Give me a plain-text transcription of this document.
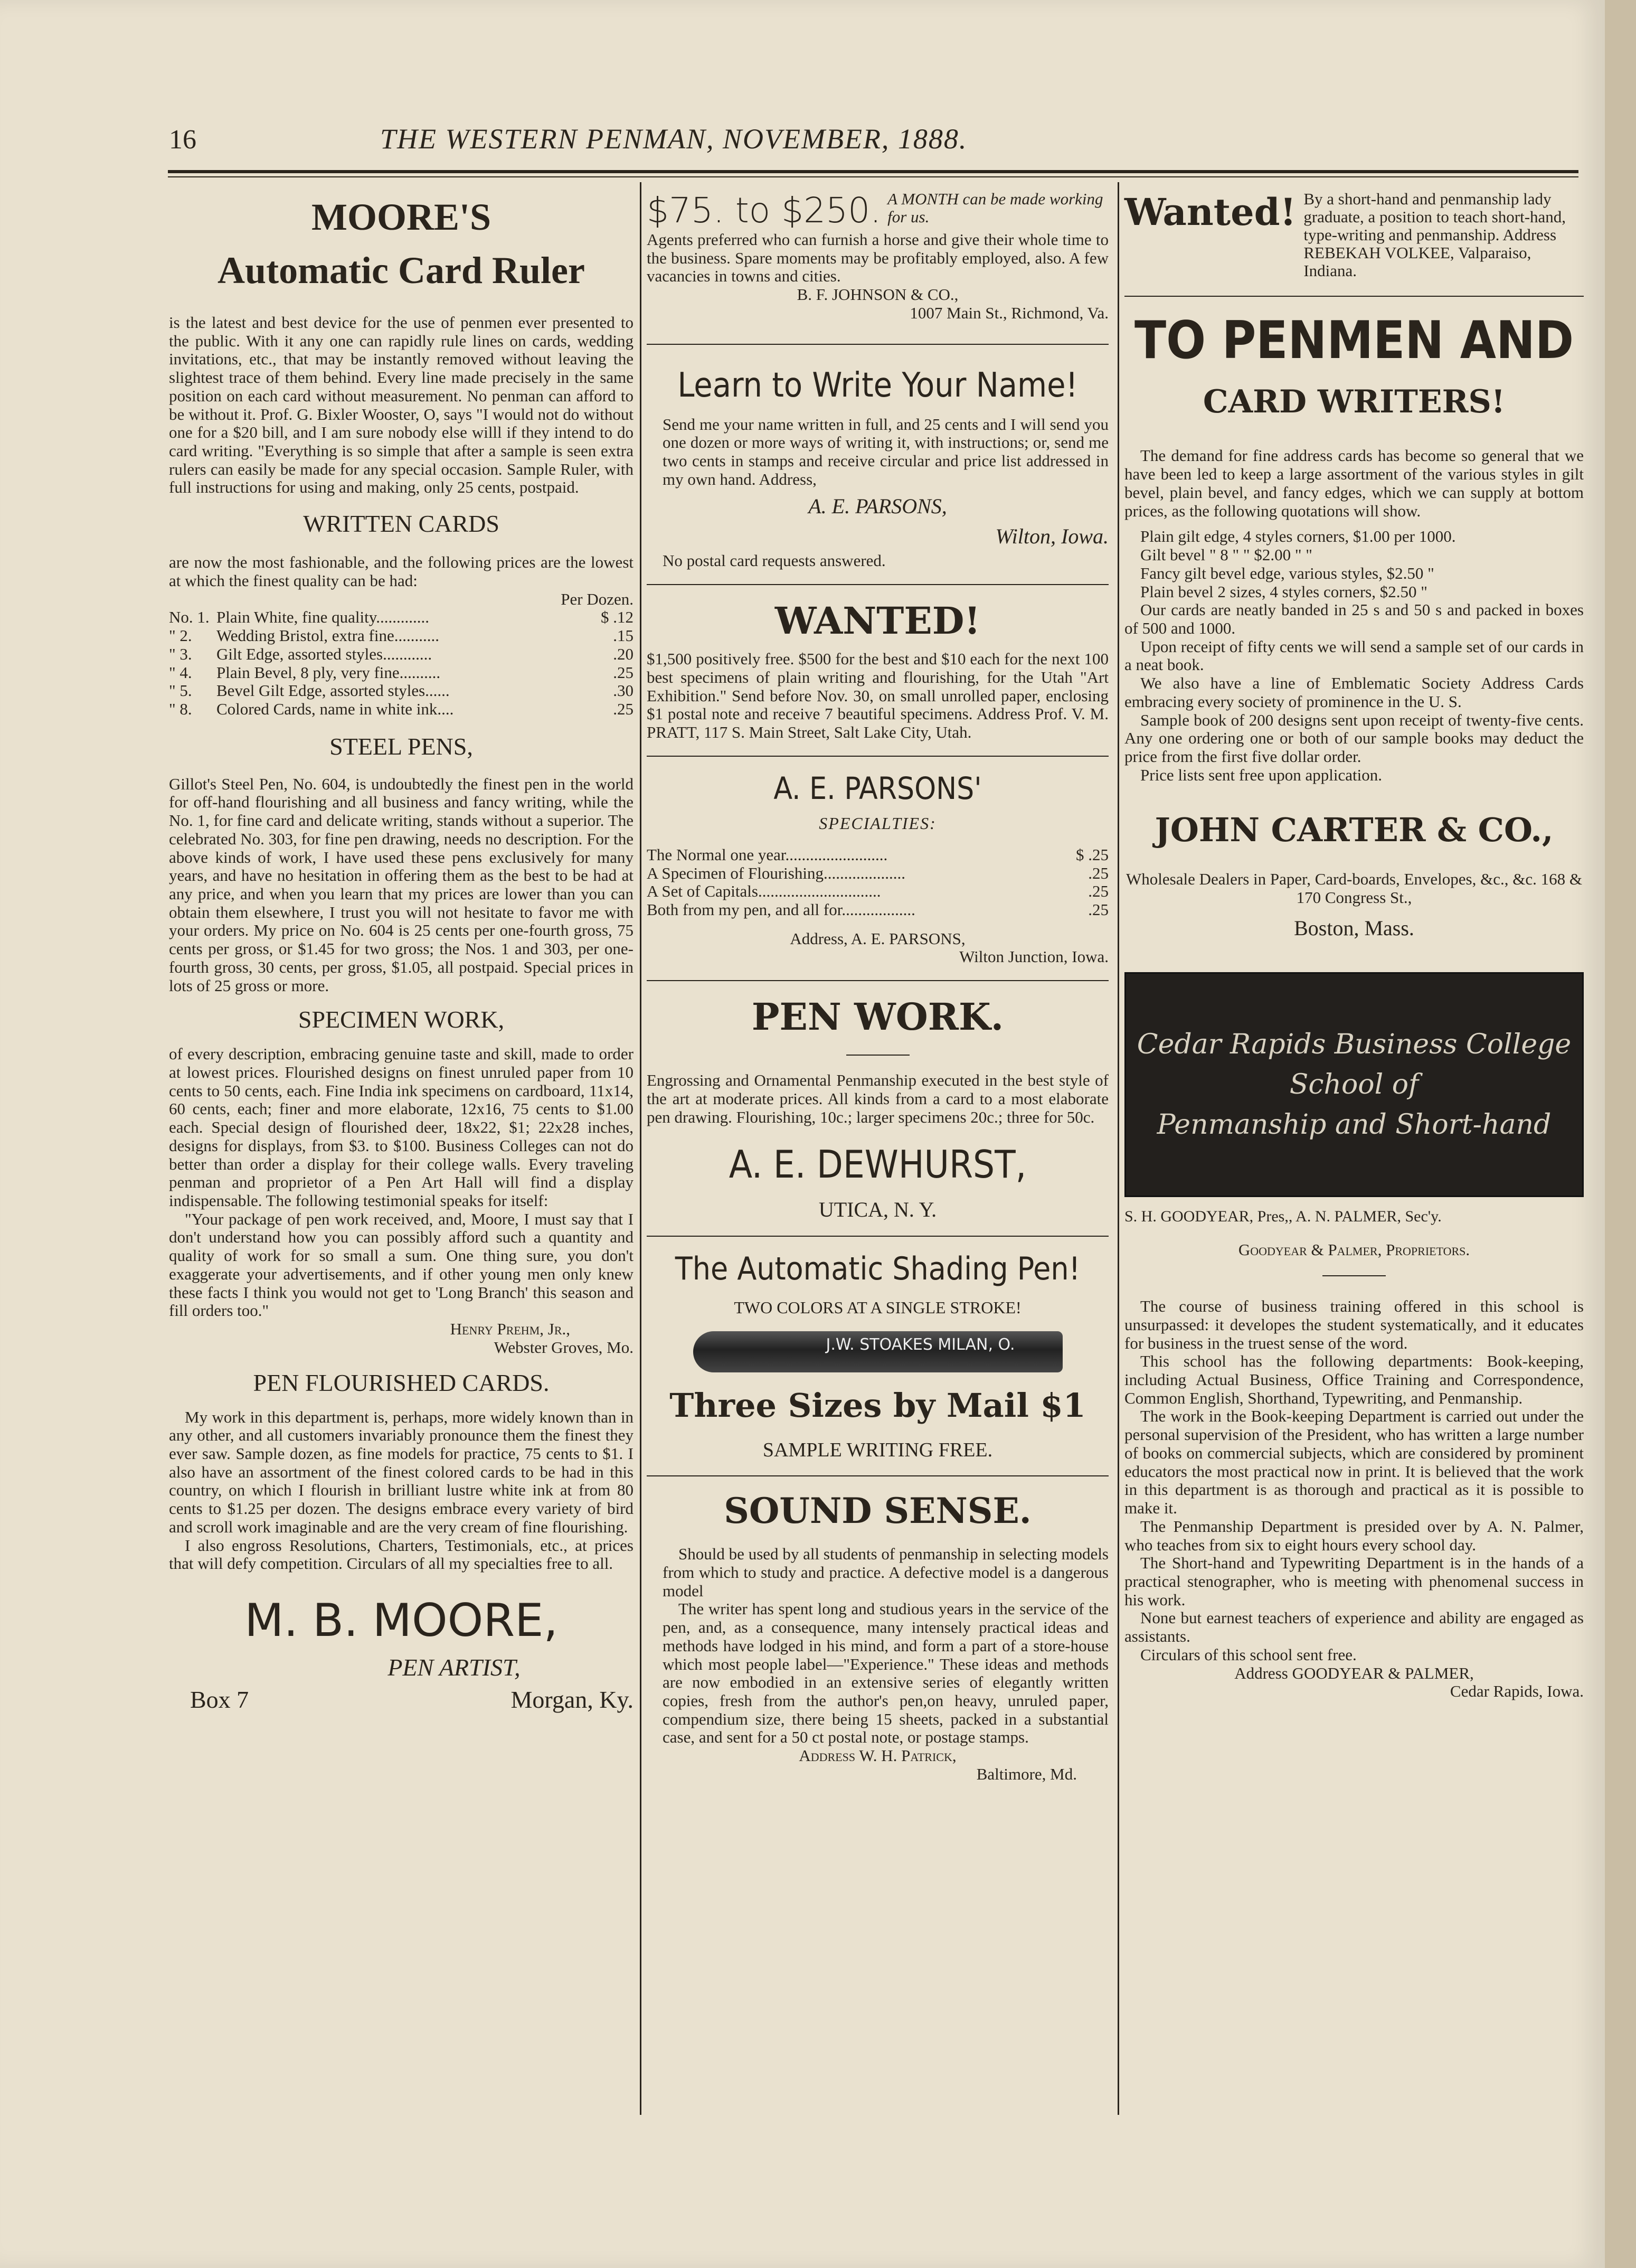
16	THE WESTERN PENMAN, NOVEMBER, 1888.

MOORE'S

Automatic Card Ruler

is the latest and best device for the use of penmen ever presented to the public. With it any one can rapidly rule lines on cards, wedding invitations, etc., that may be instantly removed without leaving the slightest trace of them behind. Every line made precisely in the same position on each card without measurement. No penman can afford to be without it. Prof. G. Bixler Wooster, O, says "I would not do without one for a $20 bill, and I am sure nobody else willl if they intend to do card writing. "Everything is so simple that after a sample is seen extra rulers can easily be made for any special occasion. Sample Ruler, with full instructions for using and making, only 25 cents, postpaid.

WRITTEN CARDS

are now the most fashionable, and the following prices are the lowest at which the finest quality can be had:

Per Dozen.

No. 1. Plain White, fine quality.............	$ .12
" 2.	Wedding Bristol, extra fine...........	.15
" 3.	Gilt Edge, assorted styles............	.20
" 4.	Plain Bevel, 8 ply, very fine..........	.25
" 5.	Bevel Gilt Edge, assorted styles......	.30
" 8.	Colored Cards, name in white ink....	.25

STEEL PENS,

Gillot's Steel Pen, No. 604, is undoubtedly the finest pen in the world for off-hand flourishing and all business and fancy writing, while the No. 1, for fine card and delicate writing, stands without a superior. The celebrated No. 303, for fine pen drawing, needs no description. For the above kinds of work, I have used these pens exclusively for many years, and have no hesitation in offering them as the best to be had at any price, and when you learn that my prices are lower than you can obtain them elsewhere, I trust you will not hesitate to favor me with your orders. My price on No. 604 is 25 cents per one-fourth gross, 75 cents per gross, or $1.45 for two gross; the Nos. 1 and 303, per one-fourth gross, 30 cents, per gross, $1.05, all postpaid. Special prices in lots of 25 gross or more.

SPECIMEN WORK,

of every description, embracing genuine taste and skill, made to order at lowest prices. Flourished designs on finest unruled paper from 10 cents to 50 cents, each. Fine India ink specimens on cardboard, 11x14, 60 cents, each; finer and more elaborate, 12x16, 75 cents to $1.00 each. Special design of flourished deer, 18x22, $1; 22x28 inches, designs for displays, from $3. to $100. Business Colleges can not do better than order a display for their college walls. Every traveling penman and proprietor of a Pen Art Hall will find a display indispensable. The following testimonial speaks for itself:

"Your package of pen work received, and, Moore, I must say that I don't understand how you can possibly afford such a quantity and quality of work for so small a sum. One thing sure, you don't exaggerate your advertisements, and if other young men only knew these facts I think you would not get to 'Long Branch' this season and fill orders too."

Henry Prehm, Jr.,

Webster Groves, Mo.

PEN FLOURISHED CARDS.

My work in this department is, perhaps, more widely known than in any other, and all customers invariably pronounce them the finest they ever saw. Sample dozen, as fine models for practice, 75 cents to $1. I also have an assortment of the finest colored cards to be had in this country, on which I flourish in brilliant lustre white ink at from 80 cents to $1.25 per dozen. The designs embrace every variety of bird and scroll work imaginable and are the very cream of fine flourishing.

I also engross Resolutions, Charters, Testimonials, etc., at prices that will defy competition. Circulars of all my specialties free to all.

M. B. MOORE,

PEN ARTIST,

Box 7	Morgan, Ky.
$75. to $250. A MONTH can be made working for us.

Agents preferred who can furnish a horse and give their whole time to the business. Spare moments may be profitably employed, also. A few vacancies in towns and cities.

B. F. JOHNSON & CO.,

1007 Main St., Richmond, Va.

Learn to Write Your Name!

Send me your name written in full, and 25 cents and I will send you one dozen or more ways of writing it, with instructions; or, send me two cents in stamps and receive circular and price list addressed in my own hand. Address,

A. E. PARSONS,

Wilton, Iowa.

No postal card requests answered.

WANTED!

$1,500 positively free. $500 for the best and $10 each for the next 100 best specimens of plain writing and flourishing, for the Utah "Art Exhibition." Send before Nov. 30, on small unrolled paper, enclosing $1 postal note and receive 7 beautiful specimens. Address Prof. V. M. PRATT, 117 S. Main Street, Salt Lake City, Utah.

A. E. PARSONS'

SPECIALTIES:

The Normal one year.........................	$ .25
A Specimen of Flourishing....................	.25
A Set of Capitals..............................	.25
Both from my pen, and all for..................	.25

Address, A. E. PARSONS,

Wilton Junction, Iowa.

PEN WORK.

Engrossing and Ornamental Penmanship executed in the best style of the art at moderate prices. All kinds from a card to a most elaborate pen drawing. Flourishing, 10c.; larger specimens 20c.; three for 50c.

A. E. DEWHURST,

UTICA, N. Y.

The Automatic Shading Pen!

TWO COLORS AT A SINGLE STROKE!

J.W. STOAKES MILAN, O.

Three Sizes by Mail $1

SAMPLE WRITING FREE.

SOUND SENSE.

Should be used by all students of penmanship in selecting models from which to study and practice. A defective model is a dangerous model

The writer has spent long and studious years in the service of the pen, and, as a consequence, many intensely practical ideas and methods have lodged in his mind, and form a part of a store-house which most people label—"Experience." These ideas and methods are now embodied in an extensive series of elegantly written copies, fresh from the author's pen,on heavy, unruled paper, compendium size, there being 15 sheets, packed in a substantial case, and sent for a 50 ct postal note, or postage stamps.

Address W. H. Patrick,

Baltimore, Md.

Wanted! By a short-hand and penmanship lady graduate, a position to teach short-hand, type-writing and penmanship. Address REBEKAH VOLKEE, Valparaiso, Indiana.

TO PENMEN AND

CARD WRITERS!

The demand for fine address cards has become so general that we have been led to keep a large assortment of the various styles in gilt bevel, plain bevel, and fancy edges, which we can supply at bottom prices, as the following quotations will show.

Plain gilt edge, 4 styles corners, $1.00 per 1000.

Gilt bevel " 8 " " $2.00 " "

Fancy gilt bevel edge, various styles, $2.50 "

Plain bevel 2 sizes, 4 styles corners, $2.50 "

Our cards are neatly banded in 25 s and 50 s and packed in boxes of 500 and 1000.

Upon receipt of fifty cents we will send a sample set of our cards in a neat book.

We also have a line of Emblematic Society Address Cards embracing every society of prominence in the U. S.

Sample book of 200 designs sent upon receipt of twenty-five cents. Any one ordering one or both of our sample books may deduct the price from the first five dollar order.

Price lists sent free upon application.

JOHN CARTER & CO.,

Wholesale Dealers in Paper, Card-boards, Envelopes, &c., &c. 168 & 170 Congress St.,

Boston, Mass.

Cedar Rapids Business College
School of
Penmanship and Short-hand

S. H. GOODYEAR, Pres,, A. N. PALMER, Sec'y.

Goodyear & Palmer, Proprietors.

The course of business training offered in this school is unsurpassed: it developes the student systematically, and it educates for business in the truest sense of the word.

This school has the following departments: Book-keeping, including Actual Business, Office Training and Correspondence, Common English, Shorthand, Typewriting, and Penmanship.

The work in the Book-keeping Department is carried out under the personal supervision of the President, who has written a large number of books on commercial subjects, which are considered by prominent educators the most practical now in print. It is believed that the work in this department is as thorough and practical as it is possible to make it.

The Penmanship Department is presided over by A. N. Palmer, who teaches from six to eight hours every school day.

The Short-hand and Typewriting Department is in the hands of a practical stenographer, who is meeting with phenomenal success in his work.

None but earnest teachers of experience and ability are engaged as assistants.

Circulars of this school sent free.

Address GOODYEAR & PALMER,

Cedar Rapids, Iowa.
